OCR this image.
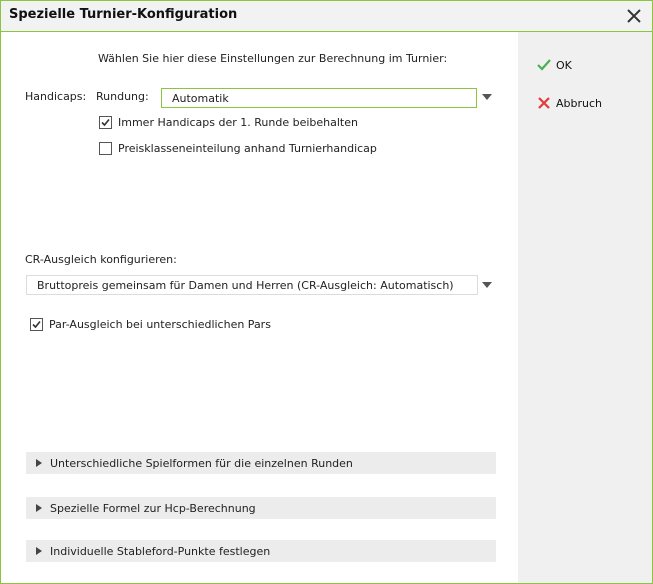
Spezielle Turnier-Konfiguration
Wählen Sie hier diese Einstellungen zur Berechnung im Turnier:
Handicaps: Rundung:	Automatik
Immer Handicaps der 1. Runde beibehalten
Preisklasseneinteilung anhand Turnierhandicap
CR-Ausgleich konfigurieren:
Bruttopreis gemeinsam für Damen und Herren (CR-Ausgleich: Automatisch)
Par-Ausgleich bei unterschiedlichen Pars
Unterschiedliche Spielformen für die einzelnen Runden
Spezielle Formel zur Hcp-Berechnung
Individuelle Stableford-Punkte festlegen
OK
Abbruch
